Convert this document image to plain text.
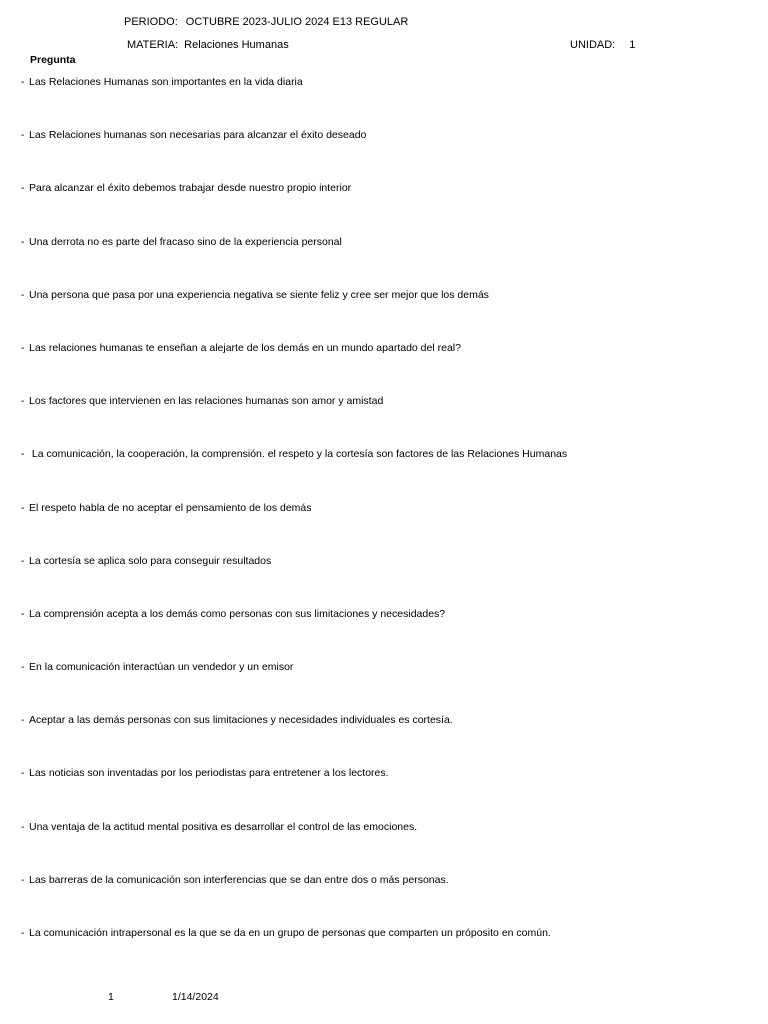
PERIODO: OCTUBRE 2023-JULIO 2024 E13 REGULAR
MATERIA: Relaciones Humanas	UNIDAD: 1
Pregunta
- Las Relaciones Humanas son importantes en la vida diaria
- Las Relaciones humanas son necesarias para alcanzar el éxito deseado
- Para alcanzar el éxito debemos trabajar desde nuestro propio interior
- Una derrota no es parte del fracaso sino de la experiencia personal
- Una persona que pasa por una experiencia negativa se siente feliz y cree ser mejor que los demás
- Las relaciones humanas te enseñan a alejarte de los demás en un mundo apartado del real?
- Los factores que intervienen en las relaciones humanas son amor y amistad
- La comunicación, la cooperación, la comprensión. el respeto y la cortesía son factores de las Relaciones Humanas
- El respeto habla de no aceptar el pensamiento de los demás
- La cortesía se aplica solo para conseguir resultados
- La comprensión acepta a los demás como personas con sus limitaciones y necesidades?
- En la comunicación interactúan un vendedor y un emisor
- Aceptar a las demás personas con sus limitaciones y necesidades individuales es cortesía.
- Las noticias son inventadas por los periodistas para entretener a los lectores.
- Una ventaja de la actitud mental positiva es desarrollar el control de las emociones.
- Las barreras de la comunicación son interferencias que se dan entre dos o más personas.
- La comunicación intrapersonal es la que se da en un grupo de personas que comparten un próposito en común.
1	1/14/2024
